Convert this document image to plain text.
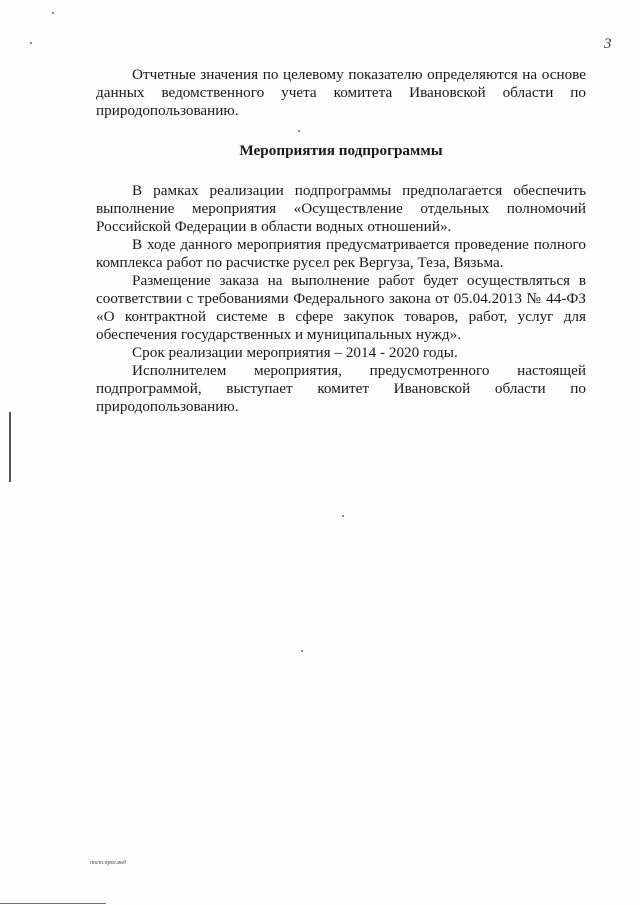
3

Отчетные значения по целевому показателю определяются на основе данных ведомственного учета комитета Ивановской области по природопользованию.

Мероприятия подпрограммы

В рамках реализации подпрограммы предполагается обеспечить выполнение мероприятия «Осуществление отдельных полномочий Российской Федерации в области водных отношений».

В ходе данного мероприятия предусматривается проведение полного комплекса работ по расчистке русел рек Вергуза, Теза, Вязьма.

Размещение заказа на выполнение работ будет осуществляться в соответствии с требованиями Федерального закона от 05.04.2013 № 44-ФЗ «О контрактной системе в сфере закупок товаров, работ, услуг для обеспечения государственных и муниципальных нужд».

Срок реализации мероприятия – 2014 - 2020 годы.

Исполнителем мероприятия, предусмотренного настоящей подпрограммой, выступает комитет Ивановской области по природопользованию.

пост.прог.вод
